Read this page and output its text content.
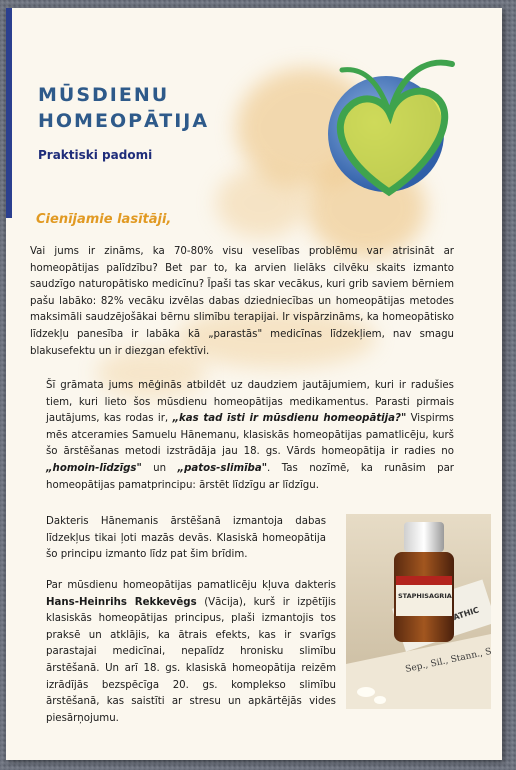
MŪSDIENU
HOMEOPĀTIJA
Praktiski padomi
Cienījamie lasītāji,

Vai jums ir zināms, ka 70-80% visu veselības problēmu var atrisināt ar homeopātijas palīdzību? Bet par to, ka arvien lielāks cilvēku skaits izmanto saudzīgo naturopātisko medicīnu? Īpaši tas skar vecākus, kuri grib saviem bērniem pašu labāko: 82% vecāku izvēlas dabas dziedniecības un homeopātijas metodes maksimāli saudzējošākai bērnu slimību terapijai. Ir vispārzināms, ka homeopātisko līdzekļu panesība ir labāka kā „parastās" medicīnas līdzekļiem, nav smagu blakusefektu un ir diezgan efektīvi.

Šī grāmata jums mēģinās atbildēt uz daudziem jautājumiem, kuri ir radušies tiem, kuri lieto šos mūsdienu homeopātijas medikamentus. Parasti pirmais jautājums, kas rodas ir, „kas tad īsti ir mūsdienu homeopātija?" Vispirms mēs atceramies Samuelu Hānemanu, klasiskās homeopātijas pamatlicēju, kurš šo ārstēšanas metodi izstrādāja jau 18. gs. Vārds homeopātija ir radies no „homoin-līdzīgs" un „patos-slimība". Tas nozīmē, ka runāsim par homeopātijas pamatprincipu: ārstēt līdzīgu ar līdzīgu.

Dakteris Hānemanis ārstēšanā izmantoja dabas līdzekļus tikai ļoti mazās devās. Klasiskā homeopātija šo principu izmanto līdz pat šim brīdim.

Par mūsdienu homeopātijas pamatlicēju kļuva dakteris Hans-Heinrihs Rekkevēgs (Vācija), kurš ir izpētījis klasiskās homeopātijas principus, plaši izmantojis tos praksē un atklājis, ka ātrais efekts, kas ir svarīgs parastajai medicīnai, nepalīdz hronisku slimību ārstēšanā. Un arī 18. gs. klasiskā homeopātija reizēm izrādījās bezspēcīga 20. gs. kompleksо slimību ārstēšanā, kas saistīti ar stresu un apkārtējās vides piesārņojumu.

STAPHISAGRIA
